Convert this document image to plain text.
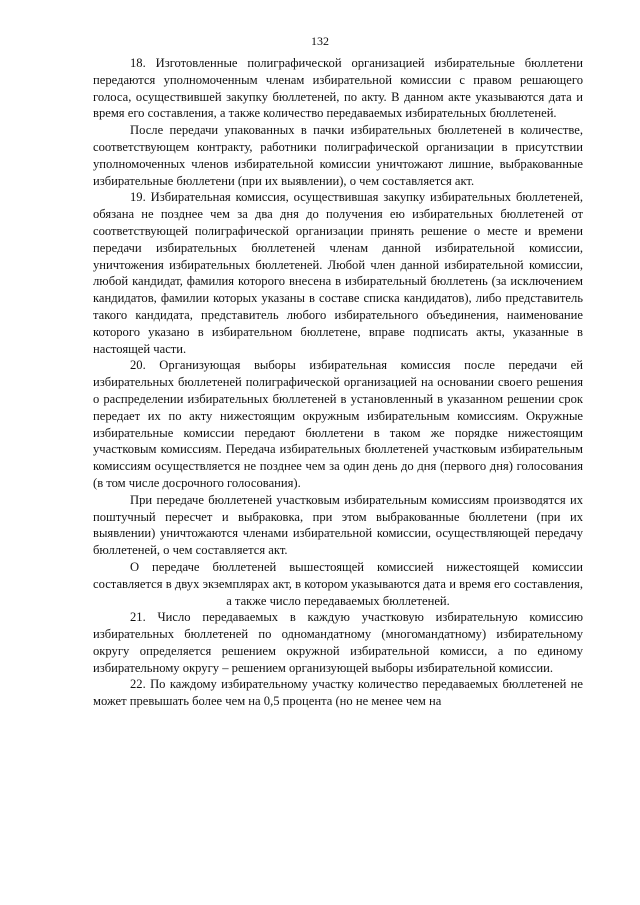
132

18. Изготовленные полиграфической организацией избирательные бюллетени передаются уполномоченным членам избирательной комиссии с правом решающего голоса, осуществившей закупку бюллетеней, по акту. В данном акте указываются дата и время его составления, а также количество передаваемых избирательных бюллетеней.

После передачи упакованных в пачки избирательных бюллетеней в количестве, соответствующем контракту, работники полиграфической организации в присутствии уполномоченных членов избирательной комиссии уничтожают лишние, выбракованные избирательные бюллетени (при их выявлении), о чем составляется акт.

19. Избирательная комиссия, осуществившая закупку избирательных бюллетеней, обязана не позднее чем за два дня до получения ею избирательных бюллетеней от соответствующей полиграфической организации принять решение о месте и времени передачи избирательных бюллетеней членам данной избирательной комиссии, уничтожения избирательных бюллетеней. Любой член данной избирательной комиссии, любой кандидат, фамилия которого внесена в избирательный бюллетень (за исключением кандидатов, фамилии которых указаны в составе списка кандидатов), либо представитель такого кандидата, представитель любого избирательного объединения, наименование которого указано в избирательном бюллетене, вправе подписать акты, указанные в настоящей части.

20. Организующая выборы избирательная комиссия после передачи ей избирательных бюллетеней полиграфической организацией на основании своего решения о распределении избирательных бюллетеней в установленный в указанном решении срок передает их по акту нижестоящим окружным избирательным комиссиям. Окружные избирательные комиссии передают бюллетени в таком же порядке нижестоящим участковым комиссиям. Передача избирательных бюллетеней участковым избирательным комиссиям осуществляется не позднее чем за один день до дня (первого дня) голосования (в том числе досрочного голосования).

При передаче бюллетеней участковым избирательным комиссиям производятся их поштучный пересчет и выбраковка, при этом выбракованные бюллетени (при их выявлении) уничтожаются членами избирательной комиссии, осуществляющей передачу бюллетеней, о чем составляется акт.

О передаче бюллетеней вышестоящей комиссией нижестоящей комиссии составляется в двух экземплярах акт, в котором указываются дата и время его составления, а также число передаваемых бюллетеней.

21. Число передаваемых в каждую участковую избирательную комиссию избирательных бюллетеней по одномандатному (многомандатному) избирательному округу определяется решением окружной избирательной комисси, а по единому избирательному округу – решением организующей выборы избирательной комиссии.

22. По каждому избирательному участку количество передаваемых бюллетеней не может превышать более чем на 0,5 процента (но не менее чем на
